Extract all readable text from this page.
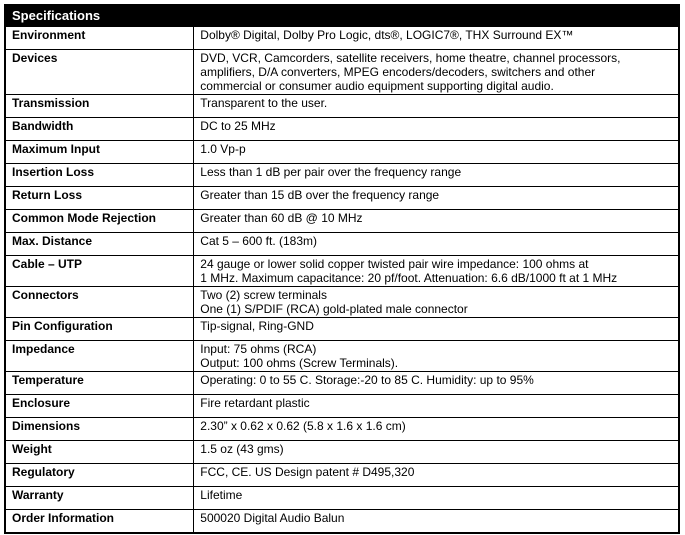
Specifications	
Environment	Dolby® Digital, Dolby Pro Logic, dts®, LOGIC7®, THX Surround EX™

Devices	DVD, VCR, Camcorders, satellite receivers, home theatre, channel processors,
amplifiers, D/A converters, MPEG encoders/decoders, switchers and other
commercial or consumer audio equipment supporting digital audio.

Transmission	Transparent to the user.

Bandwidth	DC to 25 MHz

Maximum Input	1.0 Vp-p

Insertion Loss	Less than 1 dB per pair over the frequency range

Return Loss	Greater than 15 dB over the frequency range

Common Mode Rejection	Greater than 60 dB @ 10 MHz

Max. Distance	Cat 5 – 600 ft. (183m)

Cable – UTP	24 gauge or lower solid copper twisted pair wire impedance: 100 ohms at
1 MHz. Maximum capacitance: 20 pf/foot. Attenuation: 6.6 dB/1000 ft at 1 MHz

Connectors	Two (2) screw terminals
One (1) S/PDIF (RCA) gold-plated male connector

Pin Configuration	Tip-signal, Ring-GND

Impedance	Input: 75 ohms (RCA)
Output: 100 ohms (Screw Terminals).

Temperature	Operating: 0 to 55 C. Storage:-20 to 85 C. Humidity: up to 95%

Enclosure	Fire retardant plastic

Dimensions	2.30” x 0.62 x 0.62 (5.8 x 1.6 x 1.6 cm)

Weight	1.5 oz (43 gms)

Regulatory	FCC, CE. US Design patent # D495,320

Warranty	Lifetime

Order Information	500020 Digital Audio Balun
